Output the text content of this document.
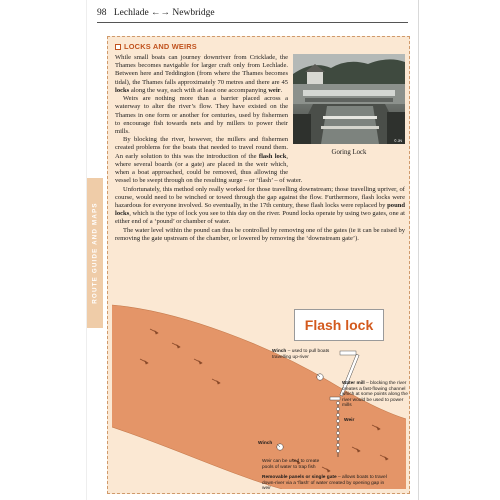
98 Lechlade ←→ Newbridge
ROUTE GUIDE AND MAPS
LOCKS AND WEIRS
© JN
Goring Lock

While small boats can journey downriver from Cricklade, the Thames becomes navigable for larger craft only from Lechlade. Between here and Teddington (from where the Thames becomes tidal), the Thames falls approximately 70 metres and there are 45 locks along the way, each with at least one accompanying weir.

Weirs are nothing more than a barrier placed across a waterway to alter the river’s flow. They have existed on the Thames in one form or another for centuries, used by fishermen to encourage fish towards nets and by millers to power their mills.

By blocking the river, however, the millers and fishermen created problems for the boats that needed to travel round them. An early solution to this was the introduction of the flash lock, where several boards (or a gate) are placed in the weir which, when a boat approached, could be removed, thus allowing the vessel to be swept through on the resulting surge – or ‘flash’ – of water.

Unfortunately, this method only really worked for those travelling downstream; those travelling upriver, of course, would need to be winched or towed through the gap against the flow. Furthermore, flash locks were hazardous for everyone involved. So eventually, in the 17th century, these flash locks were replaced by pound locks, which is the type of lock you see to this day on the river. Pound locks operate by using two gates, one at either end of a ‘pound’ or chamber of water.

The water level within the pound can thus be controlled by removing one of the gates (ie it can be raised by removing the gate upstream of the chamber, or lowered by removing the ‘downstream gate’).

Flash lock
Winch – used to pull boats travelling up-river
Water mill – blocking the river creates a fast-flowing channel which at some points along the river would be used to power mills
Weir
Winch
Weir can be used to create pools of water to trap fish
Removable panels or single gate – allows boats to travel down-river via a ‘flash’ of water created by opening gap in weir
